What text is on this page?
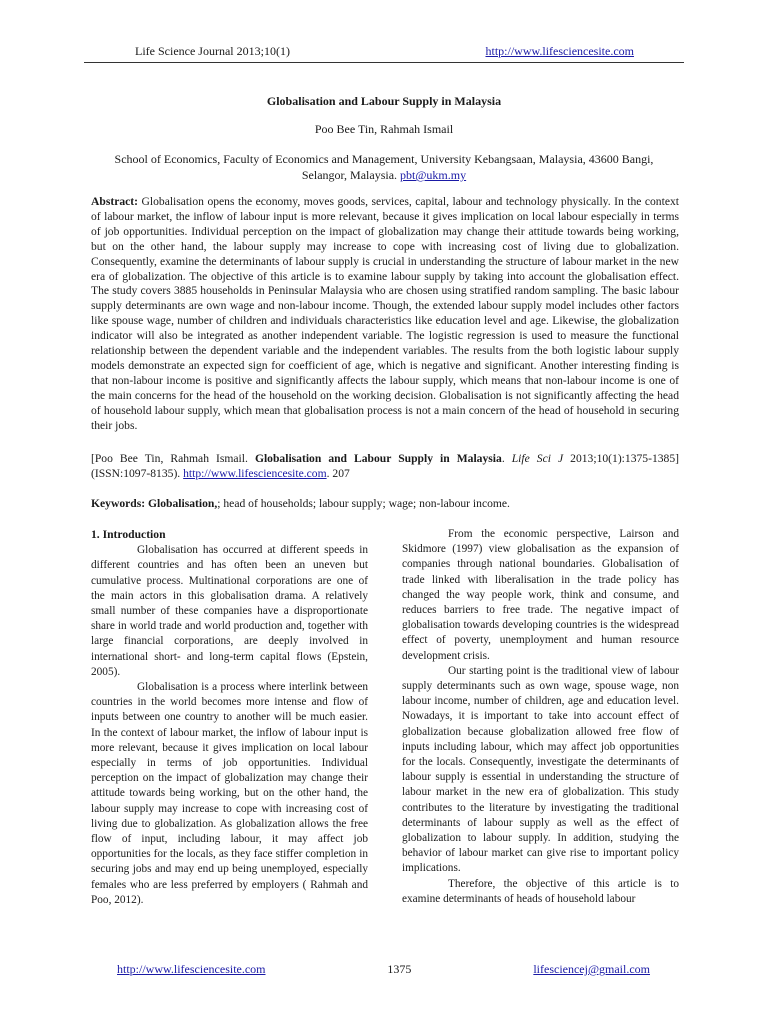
Life Science Journal 2013;10(1)	http://www.lifesciencesite.com
Globalisation and Labour Supply in Malaysia
Poo Bee Tin, Rahmah Ismail
School of Economics, Faculty of Economics and Management, University Kebangsaan, Malaysia, 43600 Bangi,
Selangor, Malaysia. pbt@ukm.my

Abstract: Globalisation opens the economy, moves goods, services, capital, labour and technology physically. In the context of labour market, the inflow of labour input is more relevant, because it gives implication on local labour especially in terms of job opportunities. Individual perception on the impact of globalization may change their attitude towards being working, but on the other hand, the labour supply may increase to cope with increasing cost of living due to globalization. Consequently, examine the determinants of labour supply is crucial in understanding the structure of labour market in the new era of globalization. The objective of this article is to examine labour supply by taking into account the globalisation effect. The study covers 3885 households in Peninsular Malaysia who are chosen using stratified random sampling. The basic labour supply determinants are own wage and non-labour income. Though, the extended labour supply model includes other factors like spouse wage, number of children and individuals characteristics like education level and age. Likewise, the globalization indicator will also be integrated as another independent variable. The logistic regression is used to measure the functional relationship between the dependent variable and the independent variables. The results from the both logistic labour supply models demonstrate an expected sign for coefficient of age, which is negative and significant. Another interesting finding is that non-labour income is positive and significantly affects the labour supply, which means that non-labour income is one of the main concerns for the head of the household on the working decision. Globalisation is not significantly affecting the head of household labour supply, which mean that globalisation process is not a main concern of the head of household in securing their jobs.

[Poo Bee Tin, Rahmah Ismail. Globalisation and Labour Supply in Malaysia. Life Sci J 2013;10(1):1375-1385] (ISSN:1097-8135). http://www.lifesciencesite.com. 207

Keywords: Globalisation,; head of households; labour supply; wage; non-labour income.

1. Introduction

Globalisation has occurred at different speeds in different countries and has often been an uneven but cumulative process. Multinational corporations are one of the main actors in this globalisation drama. A relatively small number of these companies have a disproportionate share in world trade and world production and, together with large financial corporations, are deeply involved in international short- and long-term capital flows (Epstein, 2005).

Globalisation is a process where interlink between countries in the world becomes more intense and flow of inputs between one country to another will be much easier. In the context of labour market, the inflow of labour input is more relevant, because it gives implication on local labour especially in terms of job opportunities. Individual perception on the impact of globalization may change their attitude towards being working, but on the other hand, the labour supply may increase to cope with increasing cost of living due to globalization. As globalization allows the free flow of input, including labour, it may affect job opportunities for the locals, as they face stiffer completion in securing jobs and may end up being unemployed, especially females who are less preferred by employers ( Rahmah and Poo, 2012).

From the economic perspective, Lairson and Skidmore (1997) view globalisation as the expansion of companies through national boundaries. Globalisation of trade linked with liberalisation in the trade policy has changed the way people work, think and consume, and reduces barriers to free trade. The negative impact of globalisation towards developing countries is the widespread effect of poverty, unemployment and human resource development crisis.

Our starting point is the traditional view of labour supply determinants such as own wage, spouse wage, non labour income, number of children, age and education level. Nowadays, it is important to take into account effect of globalization because globalization allowed free flow of inputs including labour, which may affect job opportunities for the locals. Consequently, investigate the determinants of labour supply is essential in understanding the structure of labour market in the new era of globalization. This study contributes to the literature by investigating the traditional determinants of labour supply as well as the effect of globalization to labour supply. In addition, studying the behavior of labour market can give rise to important policy implications.

Therefore, the objective of this article is to examine determinants of heads of household labour

http://www.lifesciencesite.com	1375	lifesciencej@gmail.com
